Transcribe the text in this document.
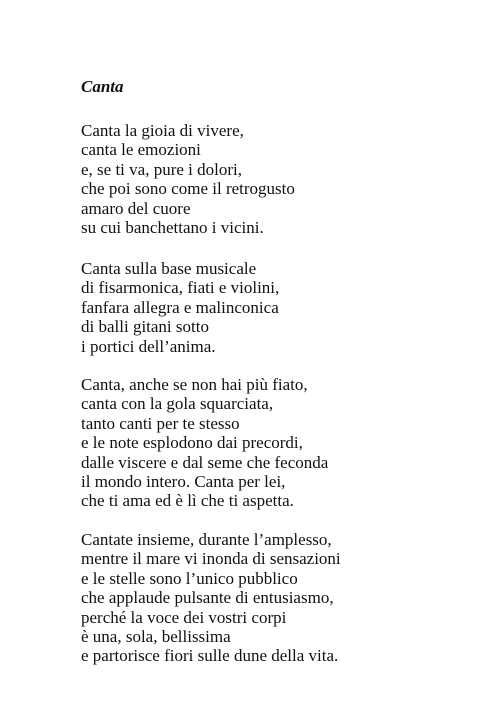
Canta
Canta la gioia di vivere,
canta le emozioni
e, se ti va, pure i dolori,
che poi sono come il retrogusto
amaro del cuore
su cui banchettano i vicini.
Canta sulla base musicale
di fisarmonica, fiati e violini,
fanfara allegra e malinconica
di balli gitani sotto
i portici dell’anima.
Canta, anche se non hai più fiato,
canta con la gola squarciata,
tanto canti per te stesso
e le note esplodono dai precordi,
dalle viscere e dal seme che feconda
il mondo intero. Canta per lei,
che ti ama ed è lì che ti aspetta.
Cantate insieme, durante l’amplesso,
mentre il mare vi inonda di sensazioni
e le stelle sono l’unico pubblico
che applaude pulsante di entusiasmo,
perché la voce dei vostri corpi
è una, sola, bellissima
e partorisce fiori sulle dune della vita.
